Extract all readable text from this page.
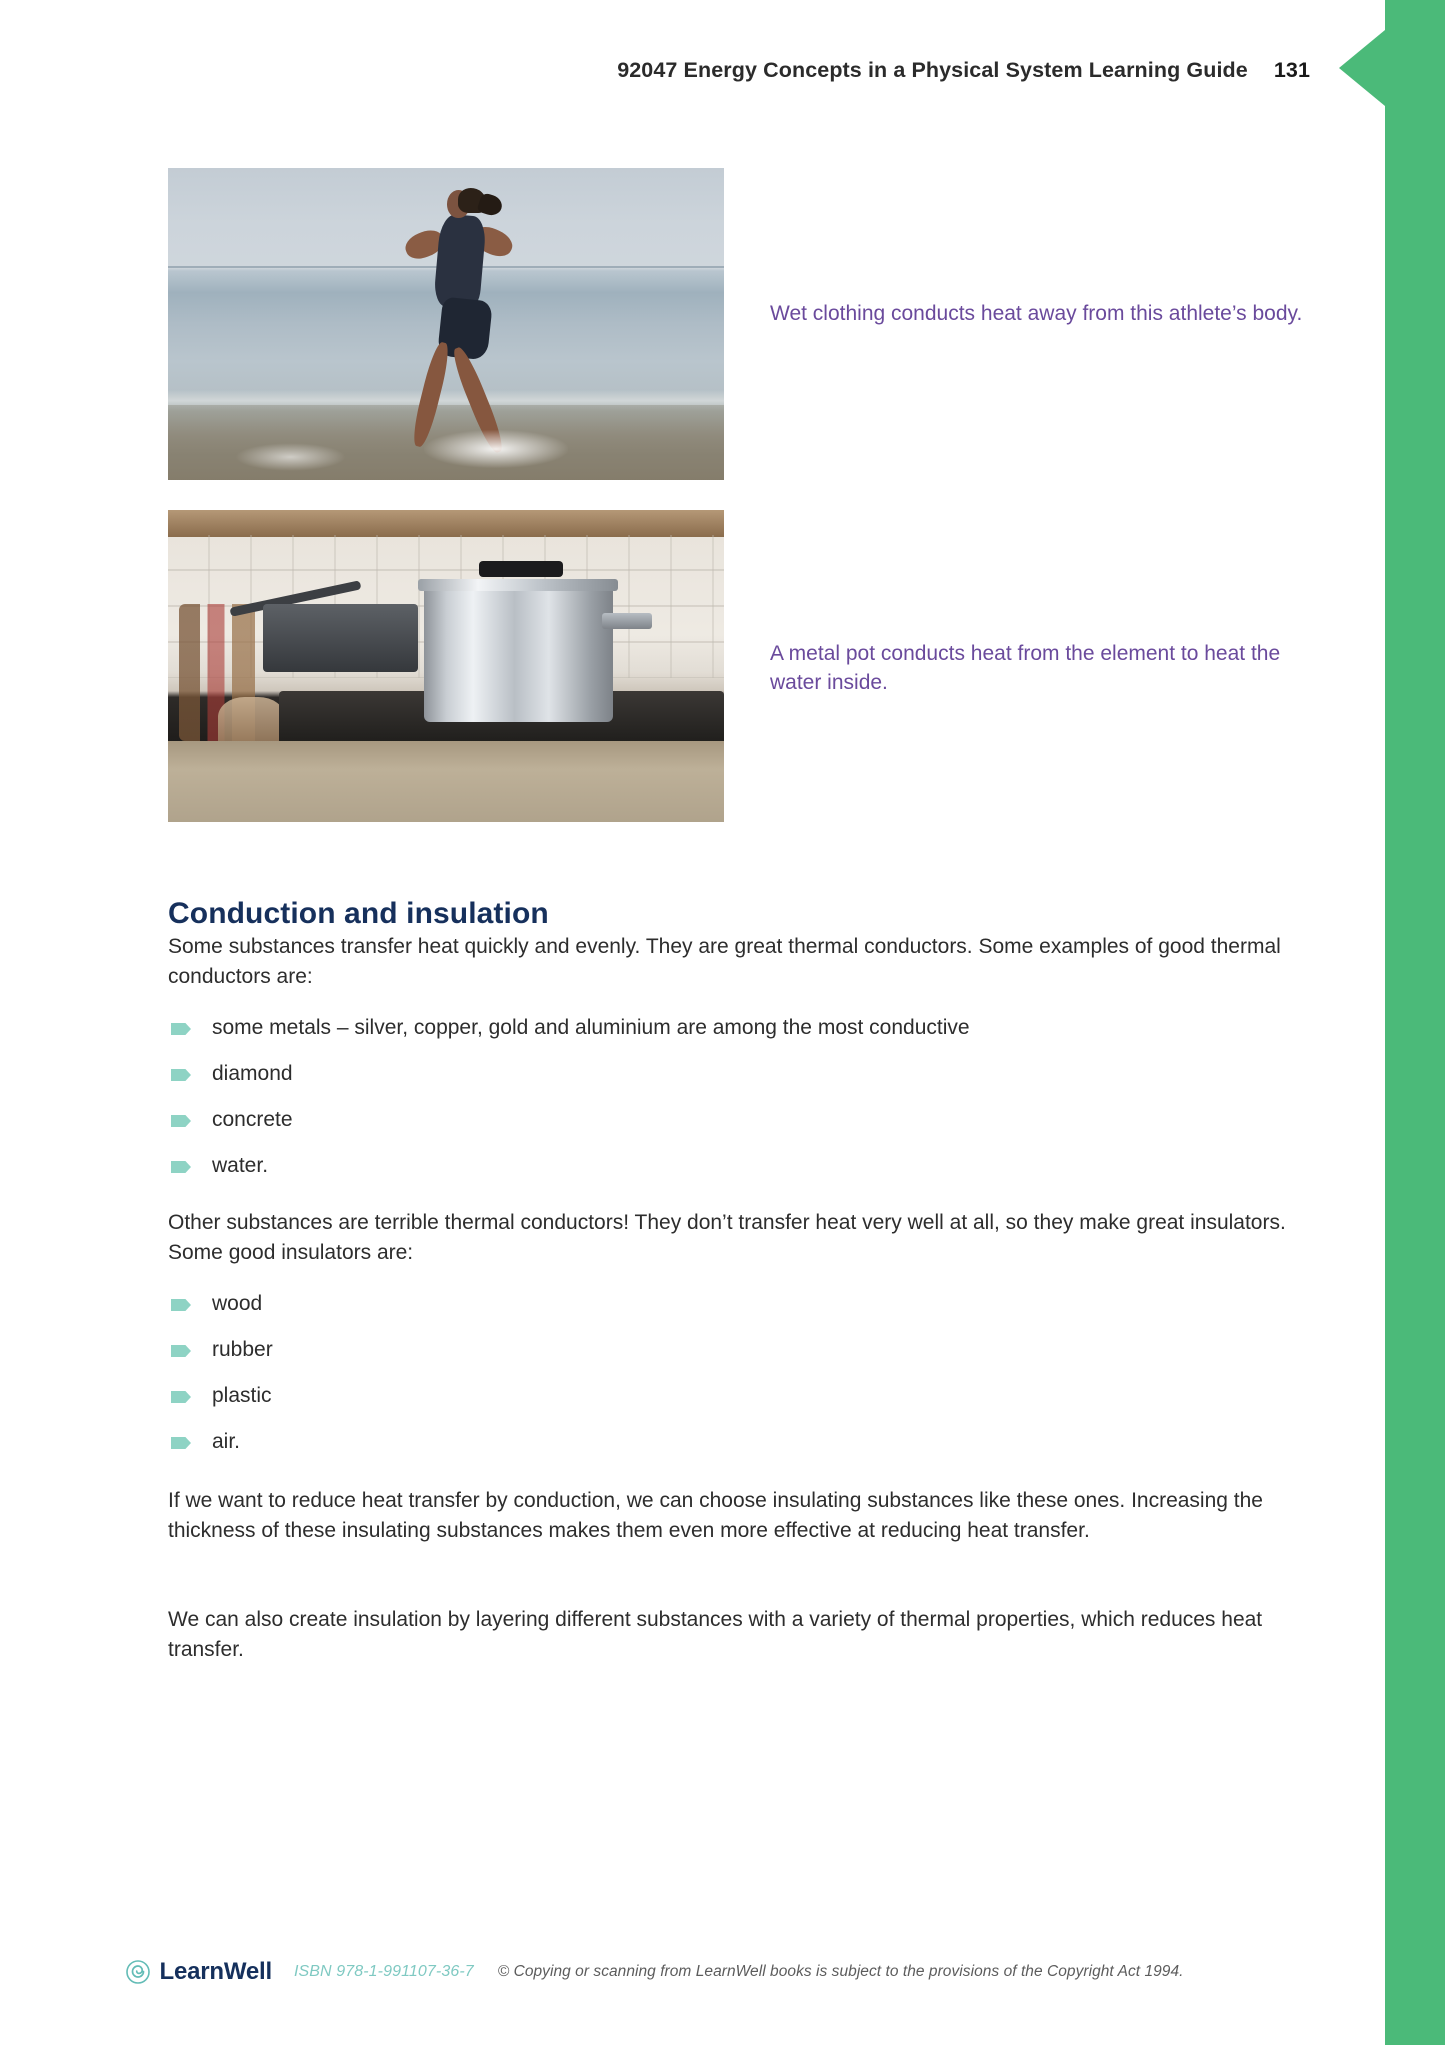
92047 Energy Concepts in a Physical System Learning Guide 131
Wet clothing conducts heat away from this athlete’s body.
A metal pot conducts heat from the element to heat the water inside.
Conduction and insulation

Some substances transfer heat quickly and evenly. They are great thermal conductors. Some examples of good thermal conductors are:

some metals – silver, copper, gold and aluminium are among the most conductive
diamond
concrete
water.

Other substances are terrible thermal conductors! They don’t transfer heat very well at all, so they make great insulators. Some good insulators are:

wood
rubber
plastic
air.

If we want to reduce heat transfer by conduction, we can choose insulating substances like these ones. Increasing the thickness of these insulating substances makes them even more effective at reducing heat transfer.

We can also create insulation by layering different substances with a variety of thermal properties, which reduces heat transfer.

LearnWell ISBN 978-1-991107-36-7 © Copying or scanning from LearnWell books is subject to the provisions of the Copyright Act 1994.
